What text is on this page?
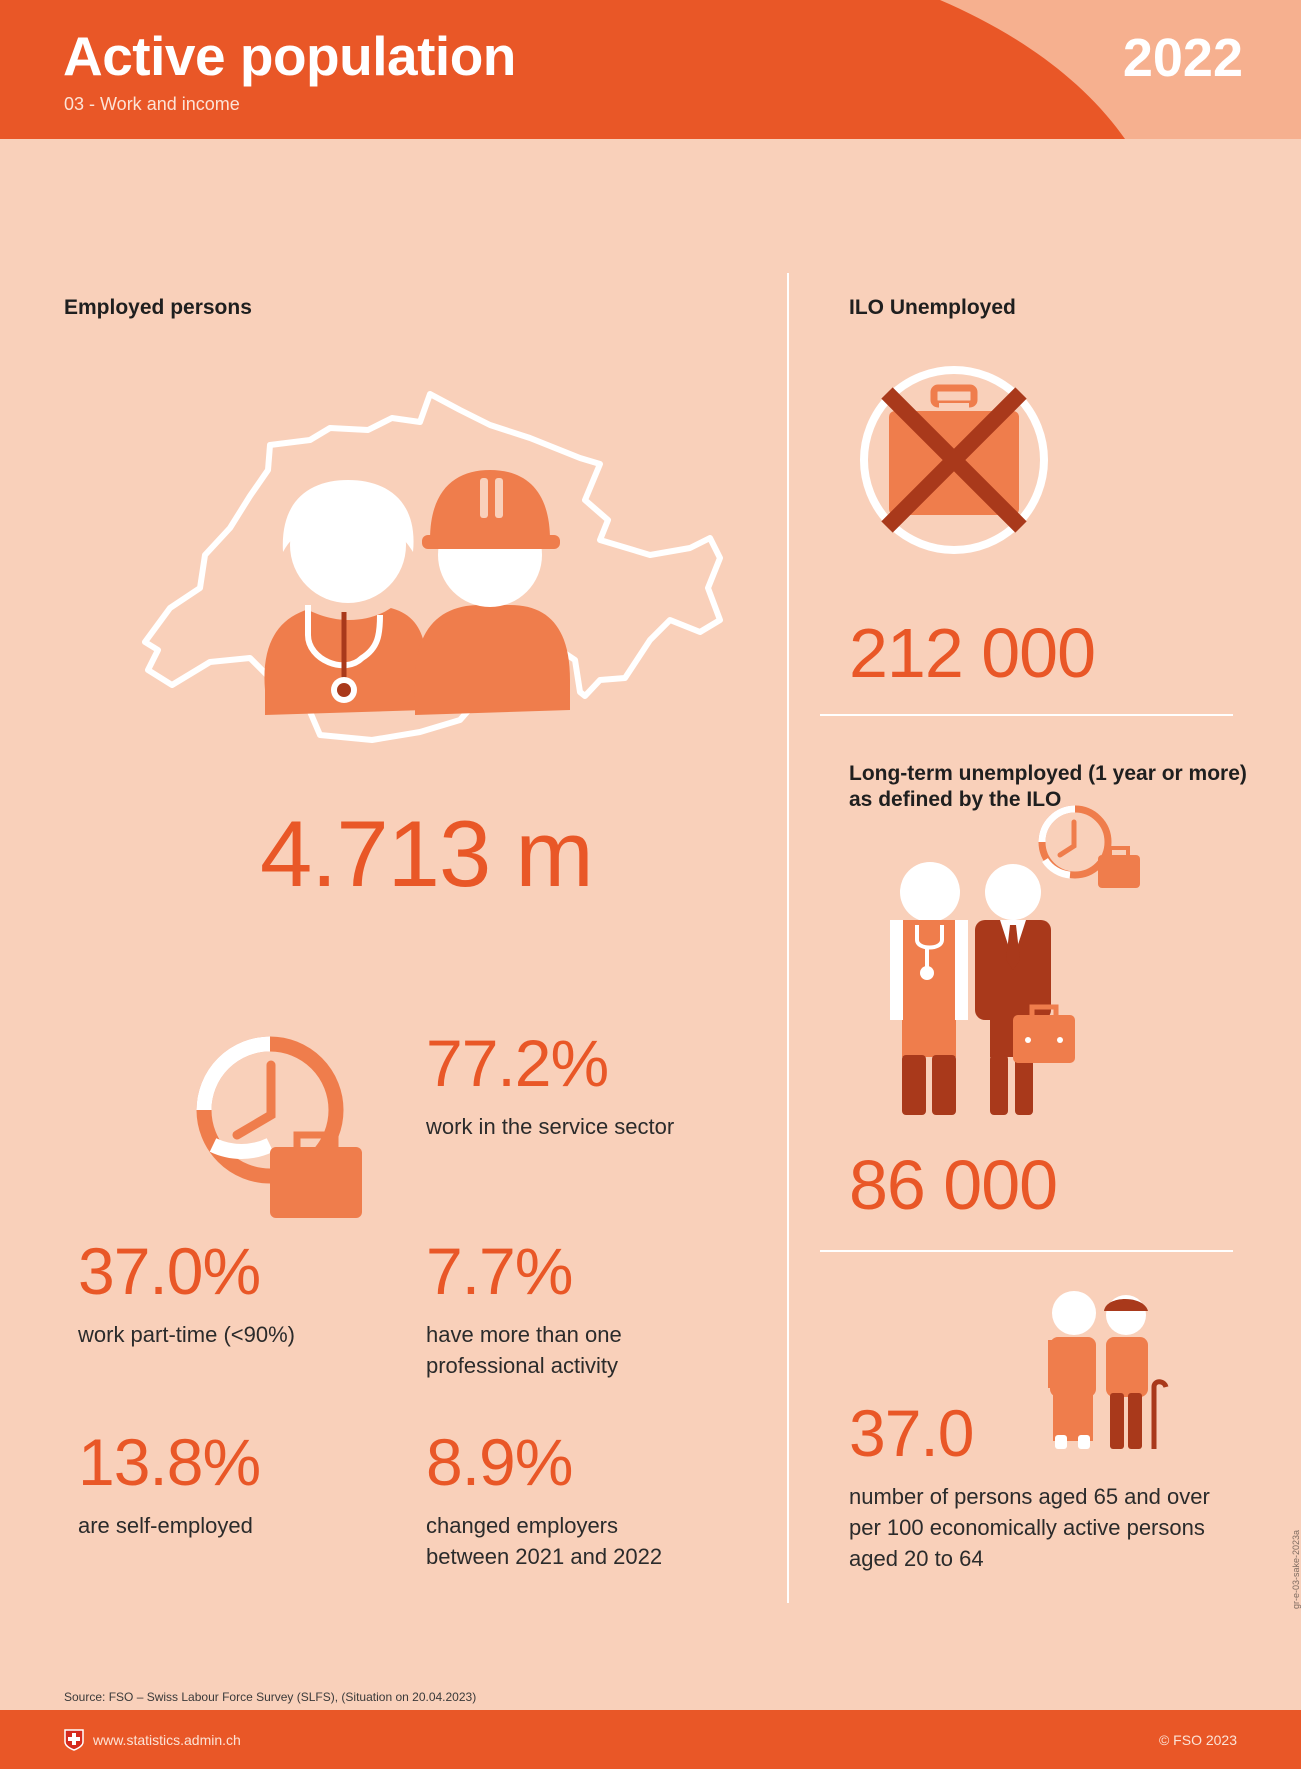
Active population
03 - Work and income
2022
Employed persons
4.713 m
77.2%
work in the service sector
37.0%
work part-time (<90%)
7.7%
have more than one professional activity
13.8%
are self-employed
8.9%
changed employers between 2021 and 2022
ILO Unemployed
212 000
Long-term unemployed (1 year or more) as defined by the ILO
86 000
37.0
number of persons aged 65 and over per 100 economically active persons aged 20 to 64	gr-e-03-sake-2023a
Source: FSO – Swiss Labour Force Survey (SLFS), (Situation on 20.04.2023)
www.statistics.admin.ch	© FSO 2023
